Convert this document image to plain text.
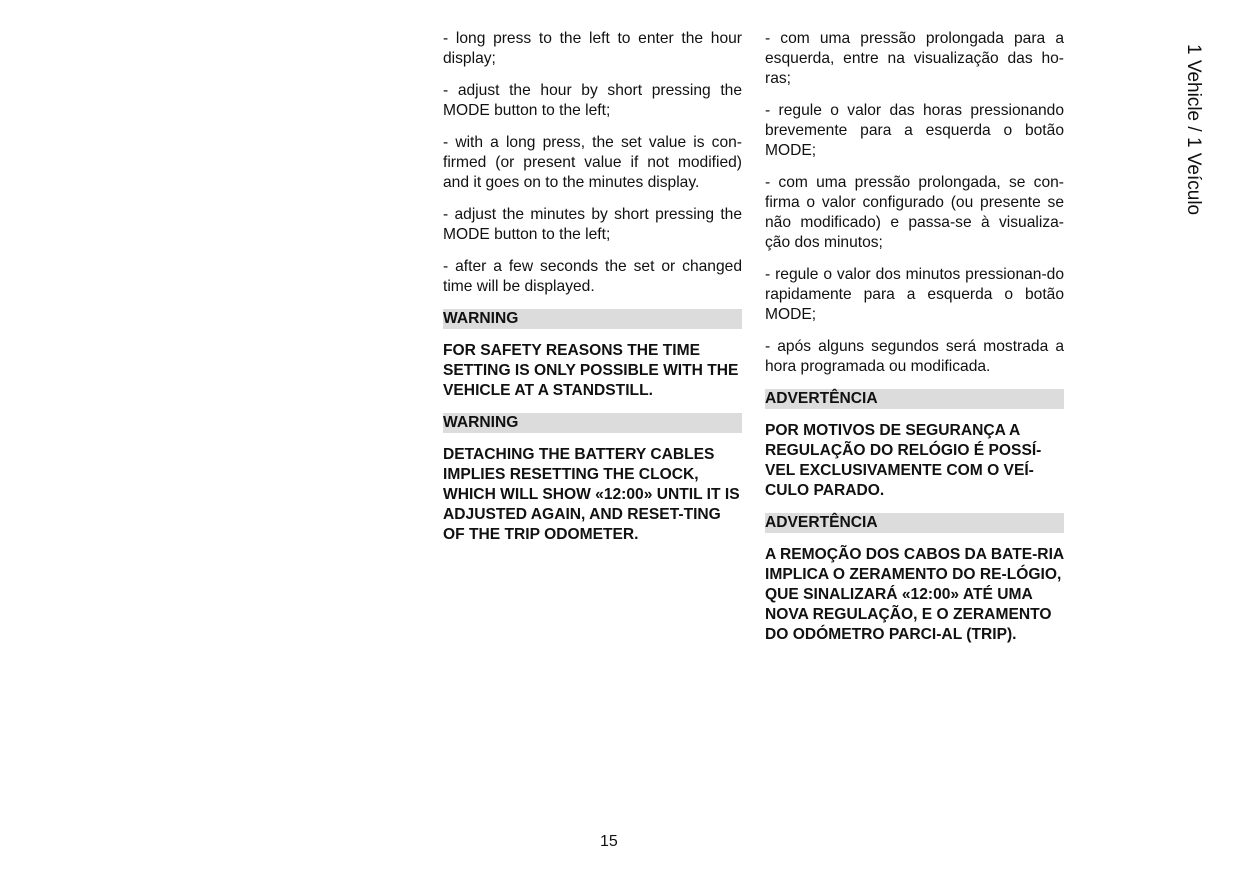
- long press to the left to enter the hour display;

- adjust the hour by short pressing the MODE button to the left;

- with a long press, the set value is con-firmed (or present value if not modified) and it goes on to the minutes display.

- adjust the minutes by short pressing the MODE button to the left;

- after a few seconds the set or changed time will be displayed.

WARNING
FOR SAFETY REASONS THE TIME SETTING IS ONLY POSSIBLE WITH THE VEHICLE AT A STANDSTILL.
WARNING
DETACHING THE BATTERY CABLES IMPLIES RESETTING THE CLOCK, WHICH WILL SHOW «12:00» UNTIL IT IS ADJUSTED AGAIN, AND RESET-TING OF THE TRIP ODOMETER.

- com uma pressão prolongada para a esquerda, entre na visualização das ho-ras;

- regule o valor das horas pressionando brevemente para a esquerda o botão MODE;

- com uma pressão prolongada, se con-firma o valor configurado (ou presente se não modificado) e passa-se à visualiza-ção dos minutos;

- regule o valor dos minutos pressionan-do rapidamente para a esquerda o botão MODE;

- após alguns segundos será mostrada a hora programada ou modificada.

ADVERTÊNCIA
POR MOTIVOS DE SEGURANÇA A REGULAÇÃO DO RELÓGIO É POSSÍ-VEL EXCLUSIVAMENTE COM O VEÍ-CULO PARADO.
ADVERTÊNCIA
A REMOÇÃO DOS CABOS DA BATE-RIA IMPLICA O ZERAMENTO DO RE-LÓGIO, QUE SINALIZARÁ «12:00» ATÉ UMA NOVA REGULAÇÃO, E O ZERAMENTO DO ODÓMETRO PARCI-AL (TRIP).
1 Vehicle / 1 Veículo
15
